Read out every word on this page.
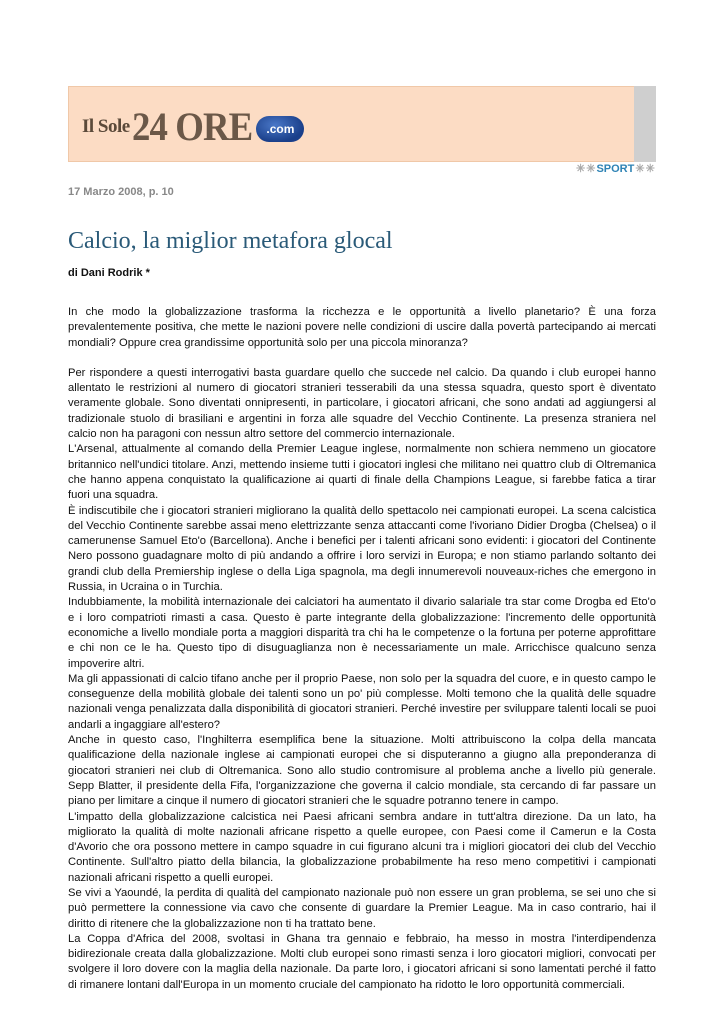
Il Sole 24 ORE	.com
✳ ✳ SPORT ✳ ✳
17 Marzo 2008, p. 10
Calcio, la miglior metafora glocal
di Dani Rodrik *

In che modo la globalizzazione trasforma la ricchezza e le opportunità a livello planetario? È una forza prevalentemente positiva, che mette le nazioni povere nelle condizioni di uscire dalla povertà partecipando ai mercati mondiali? Oppure crea grandissime opportunità solo per una piccola minoranza?

Per rispondere a questi interrogativi basta guardare quello che succede nel calcio. Da quando i club europei hanno allentato le restrizioni al numero di giocatori stranieri tesserabili da una stessa squadra, questo sport è diventato veramente globale. Sono diventati onnipresenti, in particolare, i giocatori africani, che sono andati ad aggiungersi al tradizionale stuolo di brasiliani e argentini in forza alle squadre del Vecchio Continente. La presenza straniera nel calcio non ha paragoni con nessun altro settore del commercio internazionale.

L'Arsenal, attualmente al comando della Premier League inglese, normalmente non schiera nemmeno un giocatore britannico nell'undici titolare. Anzi, mettendo insieme tutti i giocatori inglesi che militano nei quattro club di Oltremanica che hanno appena conquistato la qualificazione ai quarti di finale della Champions League, si farebbe fatica a tirar fuori una squadra.

È indiscutibile che i giocatori stranieri migliorano la qualità dello spettacolo nei campionati europei. La scena calcistica del Vecchio Continente sarebbe assai meno elettrizzante senza attaccanti come l'ivoriano Didier Drogba (Chelsea) o il camerunense Samuel Eto'o (Barcellona). Anche i benefici per i talenti africani sono evidenti: i giocatori del Continente Nero possono guadagnare molto di più andando a offrire i loro servizi in Europa; e non stiamo parlando soltanto dei grandi club della Premiership inglese o della Liga spagnola, ma degli innumerevoli nouveaux-riches che emergono in Russia, in Ucraina o in Turchia.

Indubbiamente, la mobilità internazionale dei calciatori ha aumentato il divario salariale tra star come Drogba ed Eto'o e i loro compatrioti rimasti a casa. Questo è parte integrante della globalizzazione: l'incremento delle opportunità economiche a livello mondiale porta a maggiori disparità tra chi ha le competenze o la fortuna per poterne approfittare e chi non ce le ha. Questo tipo di disuguaglianza non è necessariamente un male. Arricchisce qualcuno senza impoverire altri.

Ma gli appassionati di calcio tifano anche per il proprio Paese, non solo per la squadra del cuore, e in questo campo le conseguenze della mobilità globale dei talenti sono un po' più complesse. Molti temono che la qualità delle squadre nazionali venga penalizzata dalla disponibilità di giocatori stranieri. Perché investire per sviluppare talenti locali se puoi andarli a ingaggiare all'estero?

Anche in questo caso, l'Inghilterra esemplifica bene la situazione. Molti attribuiscono la colpa della mancata qualificazione della nazionale inglese ai campionati europei che si disputeranno a giugno alla preponderanza di giocatori stranieri nei club di Oltremanica. Sono allo studio contromisure al problema anche a livello più generale. Sepp Blatter, il presidente della Fifa, l'organizzazione che governa il calcio mondiale, sta cercando di far passare un piano per limitare a cinque il numero di giocatori stranieri che le squadre potranno tenere in campo.

L'impatto della globalizzazione calcistica nei Paesi africani sembra andare in tutt'altra direzione. Da un lato, ha migliorato la qualità di molte nazionali africane rispetto a quelle europee, con Paesi come il Camerun e la Costa d'Avorio che ora possono mettere in campo squadre in cui figurano alcuni tra i migliori giocatori dei club del Vecchio Continente. Sull'altro piatto della bilancia, la globalizzazione probabilmente ha reso meno competitivi i campionati nazionali africani rispetto a quelli europei.

Se vivi a Yaoundé, la perdita di qualità del campionato nazionale può non essere un gran problema, se sei uno che si può permettere la connessione via cavo che consente di guardare la Premier League. Ma in caso contrario, hai il diritto di ritenere che la globalizzazione non ti ha trattato bene.

La Coppa d'Africa del 2008, svoltasi in Ghana tra gennaio e febbraio, ha messo in mostra l'interdipendenza bidirezionale creata dalla globalizzazione. Molti club europei sono rimasti senza i loro giocatori migliori, convocati per svolgere il loro dovere con la maglia della nazionale. Da parte loro, i giocatori africani si sono lamentati perché il fatto di rimanere lontani dall'Europa in un momento cruciale del campionato ha ridotto le loro opportunità commerciali.
